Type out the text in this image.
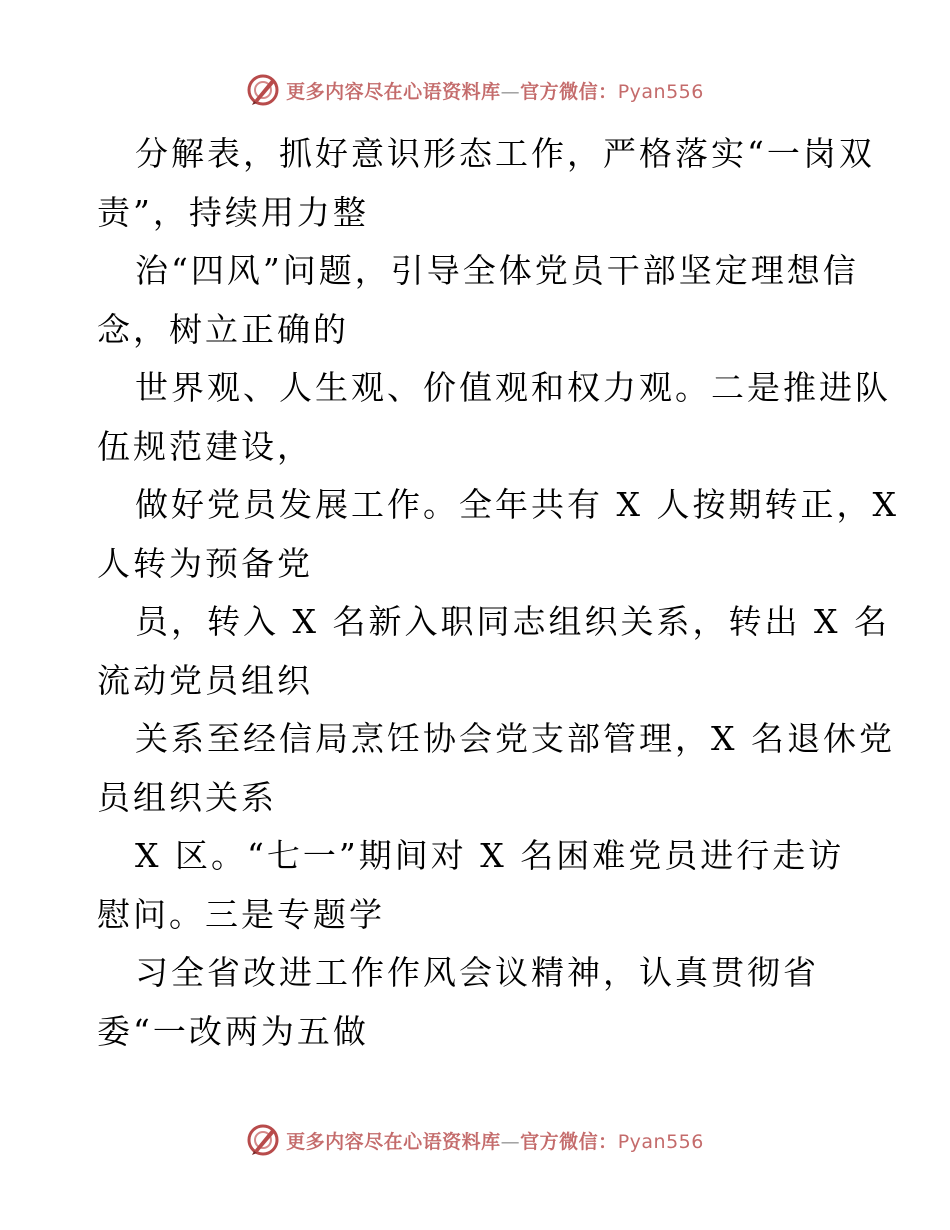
更多内容尽在心语资料库—官方微信：Pyan556
分解表，抓好意识形态工作，严格落实“一岗双
责”，持续用力整
治“四风”问题，引导全体党员干部坚定理想信
念，树立正确的
世界观、人生观、价值观和权力观。二是推进队
伍规范建设，
做好党员发展工作。全年共有 X 人按期转正，X
人转为预备党
员，转入 X 名新入职同志组织关系，转出 X 名
流动党员组织
关系至经信局烹饪协会党支部管理，X 名退休党
员组织关系
X 区。“七一”期间对 X 名困难党员进行走访
慰问。三是专题学
习全省改进工作作风会议精神，认真贯彻省
委“一改两为五做
更多内容尽在心语资料库—官方微信：Pyan556
